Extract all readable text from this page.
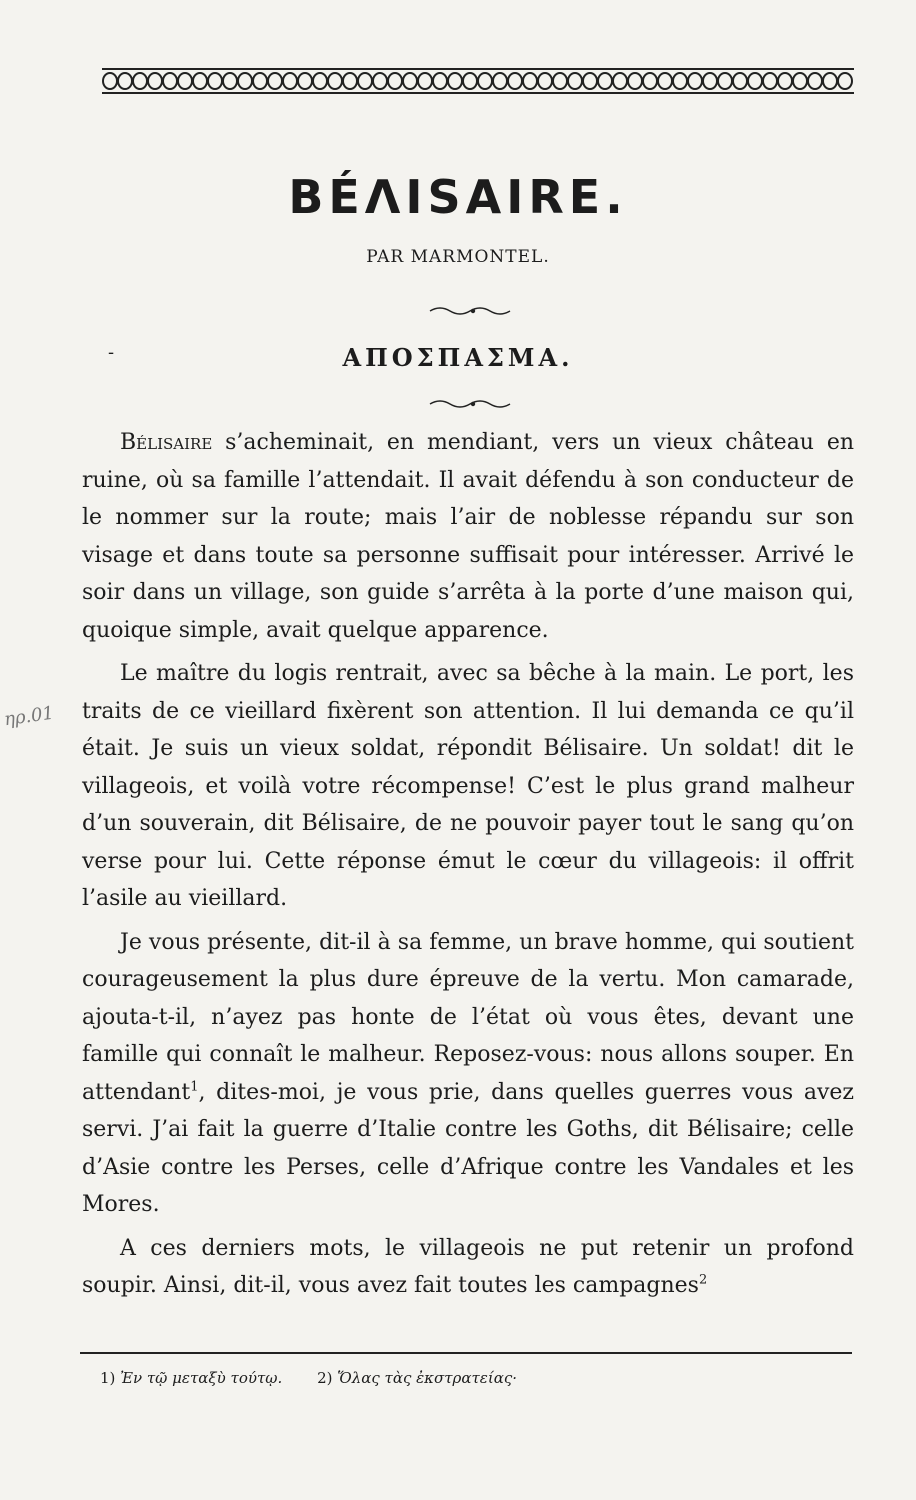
BÉΛISAIRE.
PAR MARMONTEL.
-	ΑΠΟΣΠΑΣΜΑ.
ηρ.01

Bélisaire s’acheminait, en mendiant, vers un vieux château en ruine, où sa famille l’attendait. Il avait défendu à son conducteur de le nommer sur la route; mais l’air de noblesse répandu sur son visage et dans toute sa personne suffisait pour intéresser. Arrivé le soir dans un village, son guide s’arrêta à la porte d’une maison qui, quoique simple, avait quelque apparence.

Le maître du logis rentrait, avec sa bêche à la main. Le port, les traits de ce vieillard fixèrent son attention. Il lui demanda ce qu’il était. Je suis un vieux soldat, répondit Bélisaire. Un soldat! dit le villageois, et voilà votre récompense! C’est le plus grand malheur d’un souverain, dit Bélisaire, de ne pouvoir payer tout le sang qu’on verse pour lui. Cette réponse émut le cœur du villageois: il offrit l’asile au vieillard.

Je vous présente, dit-il à sa femme, un brave homme, qui soutient courageusement la plus dure épreuve de la vertu. Mon camarade, ajouta-t-il, n’ayez pas honte de l’état où vous êtes, devant une famille qui connaît le malheur. Reposez-vous: nous allons souper. En attendant$^1$, dites-moi, je vous prie, dans quelles guerres vous avez servi. J’ai fait la guerre d’Italie contre les Goths, dit Bélisaire; celle d’Asie contre les Perses, celle d’Afrique contre les Vandales et les Mores.

A ces derniers mots, le villageois ne put retenir un profond soupir. Ainsi, dit-il, vous avez fait toutes les campagnes$^2$

1) Ἐν τῷ μεταξὺ τούτῳ. 2) Ὅλας τὰς ἐκστρατείας·
